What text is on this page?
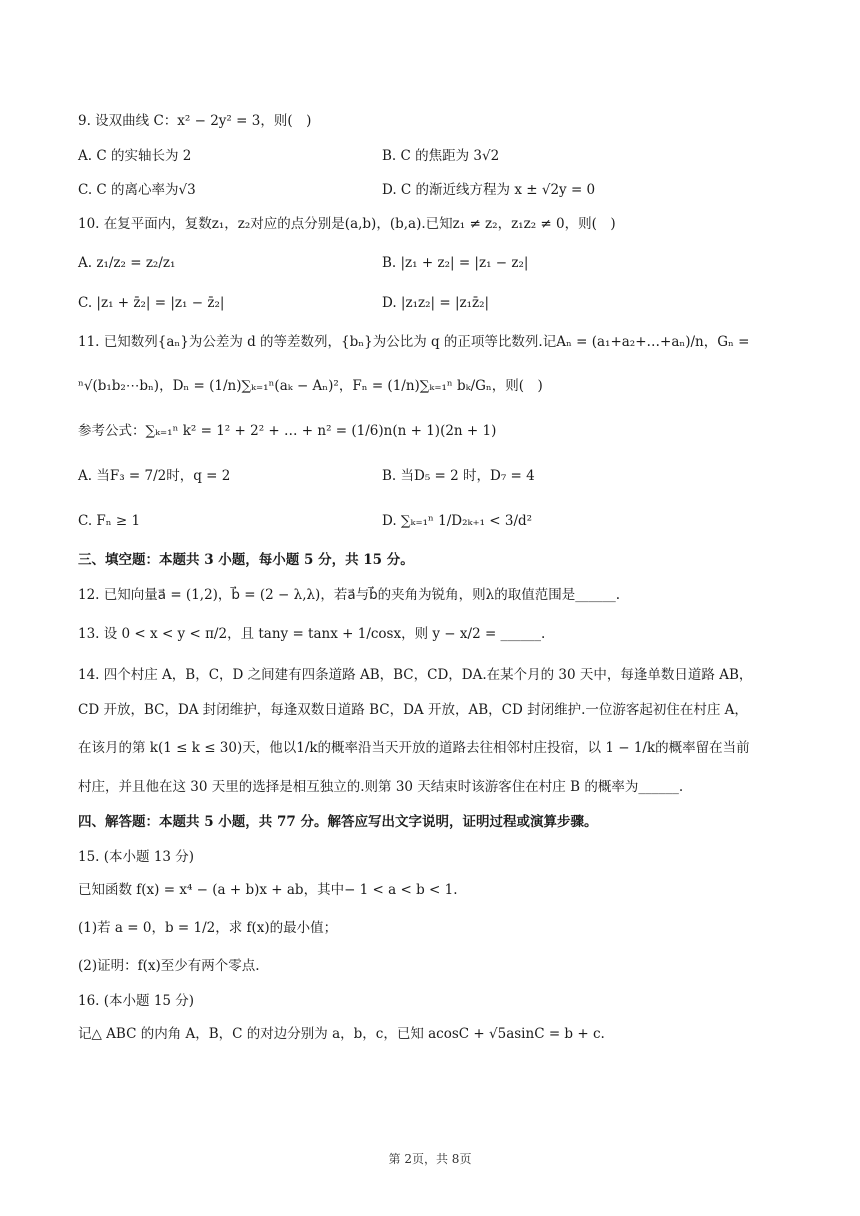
9. 设双曲线 C：x² − 2y² = 3，则(　)
A. C 的实轴长为 2	B. C 的焦距为 3√2
C. C 的离心率为√3	D. C 的渐近线方程为 x ± √2y = 0
10. 在复平面内，复数z₁，z₂对应的点分别是(a,b)，(b,a).已知z₁ ≠ z₂，z₁z₂ ≠ 0，则(　)
A. z₁/z₂ = z₂/z₁	B. |z₁ + z₂| = |z₁ − z₂|
C. |z₁ + z̄₂| = |z₁ − z̄₂|	D. |z₁z₂| = |z₁z̄₂|
11. 已知数列{aₙ}为公差为 d 的等差数列，{bₙ}为公比为 q 的正项等比数列.记Aₙ = (a₁+a₂+…+aₙ)/n，Gₙ =
ⁿ√(b₁b₂⋯bₙ)，Dₙ = (1/n)∑ₖ₌₁ⁿ(aₖ − Aₙ)²，Fₙ = (1/n)∑ₖ₌₁ⁿ bₖ/Gₙ，则(　)
参考公式：∑ₖ₌₁ⁿ k² = 1² + 2² + … + n² = (1/6)n(n + 1)(2n + 1)
A. 当F₃ = 7/2时，q = 2	B. 当D₅ = 2 时，D₇ = 4
C. Fₙ ≥ 1	D. ∑ₖ₌₁ⁿ 1/D₂ₖ₊₁ < 3/d²
三、填空题：本题共 3 小题，每小题 5 分，共 15 分。
12. 已知向量a⃗ = (1,2)，b⃗ = (2 − λ,λ)，若a⃗与b⃗的夹角为锐角，则λ的取值范围是______.
13. 设 0 < x < y < π/2，且 tany = tanx + 1/cosx，则 y − x/2 = ______.
14. 四个村庄 A，B，C，D 之间建有四条道路 AB，BC，CD，DA.在某个月的 30 天中，每逢单数日道路 AB，
CD 开放，BC，DA 封闭维护，每逢双数日道路 BC，DA 开放，AB，CD 封闭维护.一位游客起初住在村庄 A，
在该月的第 k(1 ≤ k ≤ 30)天，他以1/k的概率沿当天开放的道路去往相邻村庄投宿，以 1 − 1/k的概率留在当前
村庄，并且他在这 30 天里的选择是相互独立的.则第 30 天结束时该游客住在村庄 B 的概率为______.
四、解答题：本题共 5 小题，共 77 分。解答应写出文字说明，证明过程或演算步骤。
15. (本小题 13 分)
已知函数 f(x) = x⁴ − (a + b)x + ab，其中− 1 < a < b < 1.
(1)若 a = 0，b = 1/2，求 f(x)的最小值；
(2)证明：f(x)至少有两个零点.
16. (本小题 15 分)
记△ ABC 的内角 A，B，C 的对边分别为 a，b，c，已知 acosC + √5asinC = b + c.
第 2页，共 8页
